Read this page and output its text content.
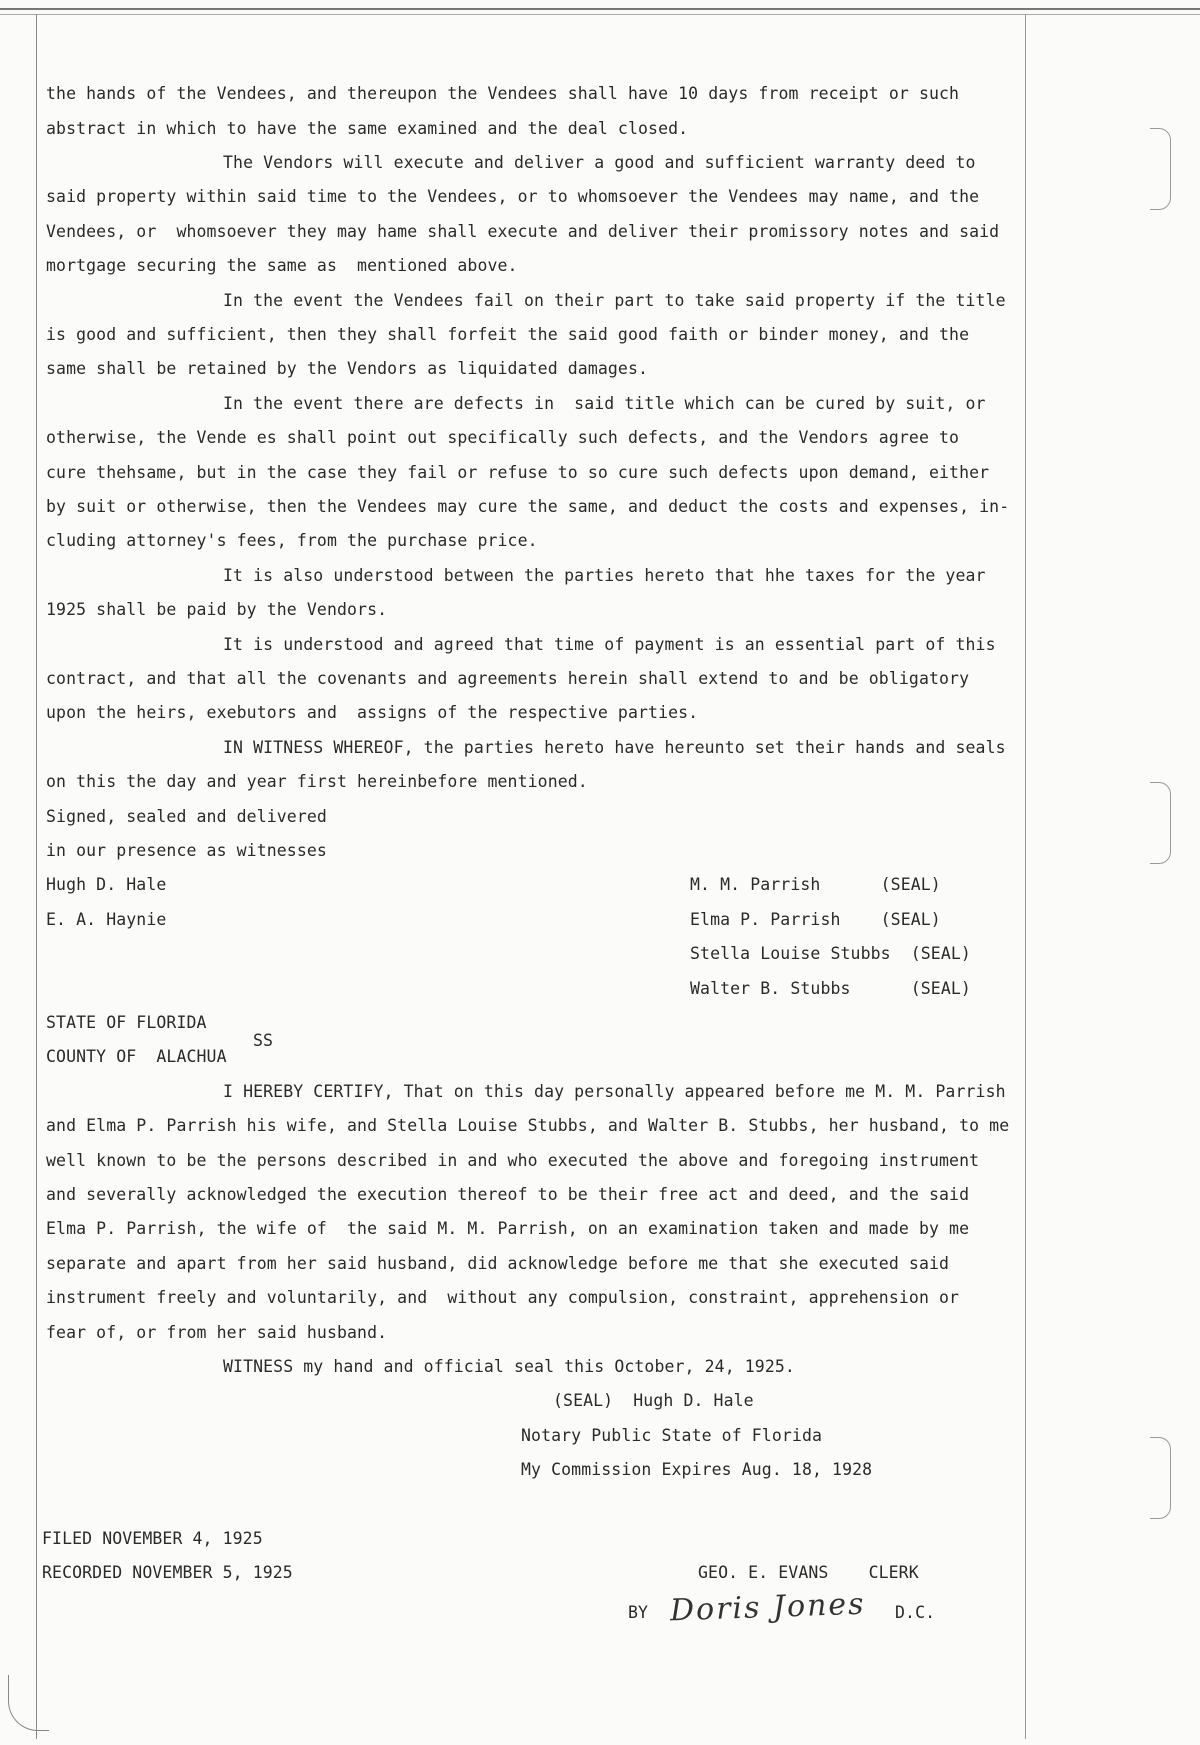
the hands of the Vendees, and thereupon the Vendees shall have 10 days from receipt or such
abstract in which to have the same examined and the deal closed.
The Vendors will execute and deliver a good and sufficient warranty deed to
said property within said time to the Vendees, or to whomsoever the Vendees may name, and the
Vendees, or  whomsoever they may hame shall execute and deliver their promissory notes and said
mortgage securing the same as  mentioned above.
In the event the Vendees fail on their part to take said property if the title
is good and sufficient, then they shall forfeit the said good faith or binder money, and the
same shall be retained by the Vendors as liquidated damages.
In the event there are defects in  said title which can be cured by suit, or
otherwise, the Vende es shall point out specifically such defects, and the Vendors agree to
cure thehsame, but in the case they fail or refuse to so cure such defects upon demand, either
by suit or otherwise, then the Vendees may cure the same, and deduct the costs and expenses, in-
cluding attorney's fees, from the purchase price.
It is also understood between the parties hereto that hhe taxes for the year
1925 shall be paid by the Vendors.
It is understood and agreed that time of payment is an essential part of this
contract, and that all the covenants and agreements herein shall extend to and be obligatory
upon the heirs, exebutors and  assigns of the respective parties.
IN WITNESS WHEREOF, the parties hereto have hereunto set their hands and seals
on this the day and year first hereinbefore mentioned.
Signed, sealed and delivered
in our presence as witnesses
Hugh D. Hale	M. M. Parrish      (SEAL)
E. A. Haynie	Elma P. Parrish    (SEAL)
Stella Louise Stubbs  (SEAL)
Walter B. Stubbs      (SEAL)
STATE OF FLORIDA
SS
COUNTY OF  ALACHUA
I HEREBY CERTIFY, That on this day personally appeared before me M. M. Parrish
and Elma P. Parrish his wife, and Stella Louise Stubbs, and Walter B. Stubbs, her husband, to me
well known to be the persons described in and who executed the above and foregoing instrument
and severally acknowledged the execution thereof to be their free act and deed, and the said
Elma P. Parrish, the wife of  the said M. M. Parrish, on an examination taken and made by me
separate and apart from her said husband, did acknowledge before me that she executed said
instrument freely and voluntarily, and  without any compulsion, constraint, apprehension or
fear of, or from her said husband.
WITNESS my hand and official seal this October, 24, 1925.
(SEAL)  Hugh D. Hale
Notary Public State of Florida
My Commission Expires Aug. 18, 1928
FILED NOVEMBER 4, 1925
RECORDED NOVEMBER 5, 1925	GEO. E. EVANS    CLERK
BY Doris Jones D.C.
